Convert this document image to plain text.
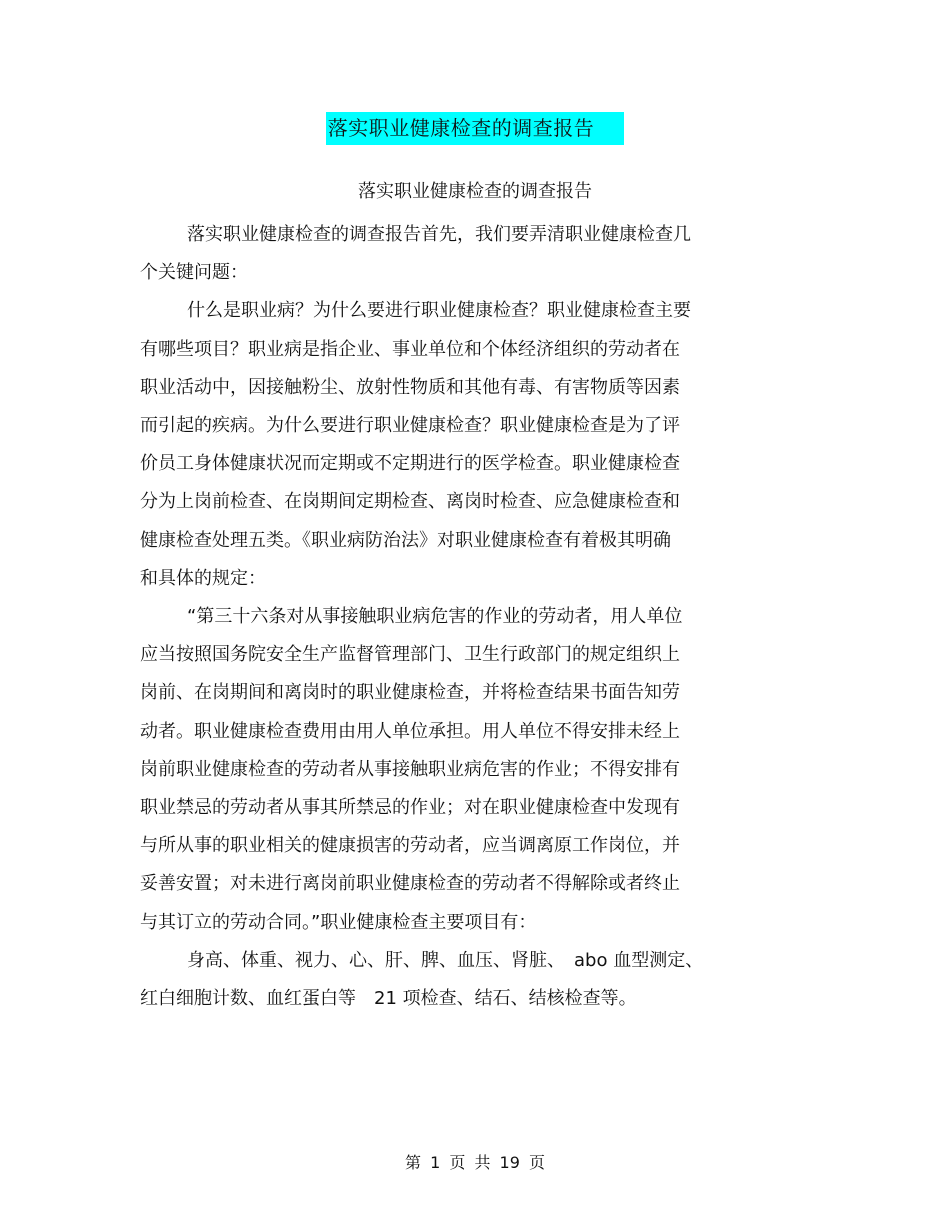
落实职业健康检查的调查报告
落实职业健康检查的调查报告

落实职业健康检查的调查报告首先，我们要弄清职业健康检查几
个关键问题：

什么是职业病？为什么要进行职业健康检查？职业健康检查主要
有哪些项目？职业病是指企业、事业单位和个体经济组织的劳动者在
职业活动中，因接触粉尘、放射性物质和其他有毒、有害物质等因素
而引起的疾病。为什么要进行职业健康检查？职业健康检查是为了评
价员工身体健康状况而定期或不定期进行的医学检查。职业健康检查
分为上岗前检查、在岗期间定期检查、离岗时检查、应急健康检查和
健康检查处理五类。《职业病防治法》对职业健康检查有着极其明确
和具体的规定：

“第三十六条对从事接触职业病危害的作业的劳动者，用人单位
应当按照国务院安全生产监督管理部门、卫生行政部门的规定组织上
岗前、在岗期间和离岗时的职业健康检查，并将检查结果书面告知劳
动者。职业健康检查费用由用人单位承担。用人单位不得安排未经上
岗前职业健康检查的劳动者从事接触职业病危害的作业；不得安排有
职业禁忌的劳动者从事其所禁忌的作业；对在职业健康检查中发现有
与所从事的职业相关的健康损害的劳动者，应当调离原工作岗位，并
妥善安置；对未进行离岗前职业健康检查的劳动者不得解除或者终止
与其订立的劳动合同。”职业健康检查主要项目有：

身高、体重、视力、心、肝、脾、血压、肾脏、　abo 血型测定、
红白细胞计数、血红蛋白等　21 项检查、结石、结核检查等。

第 1 页 共 19 页
